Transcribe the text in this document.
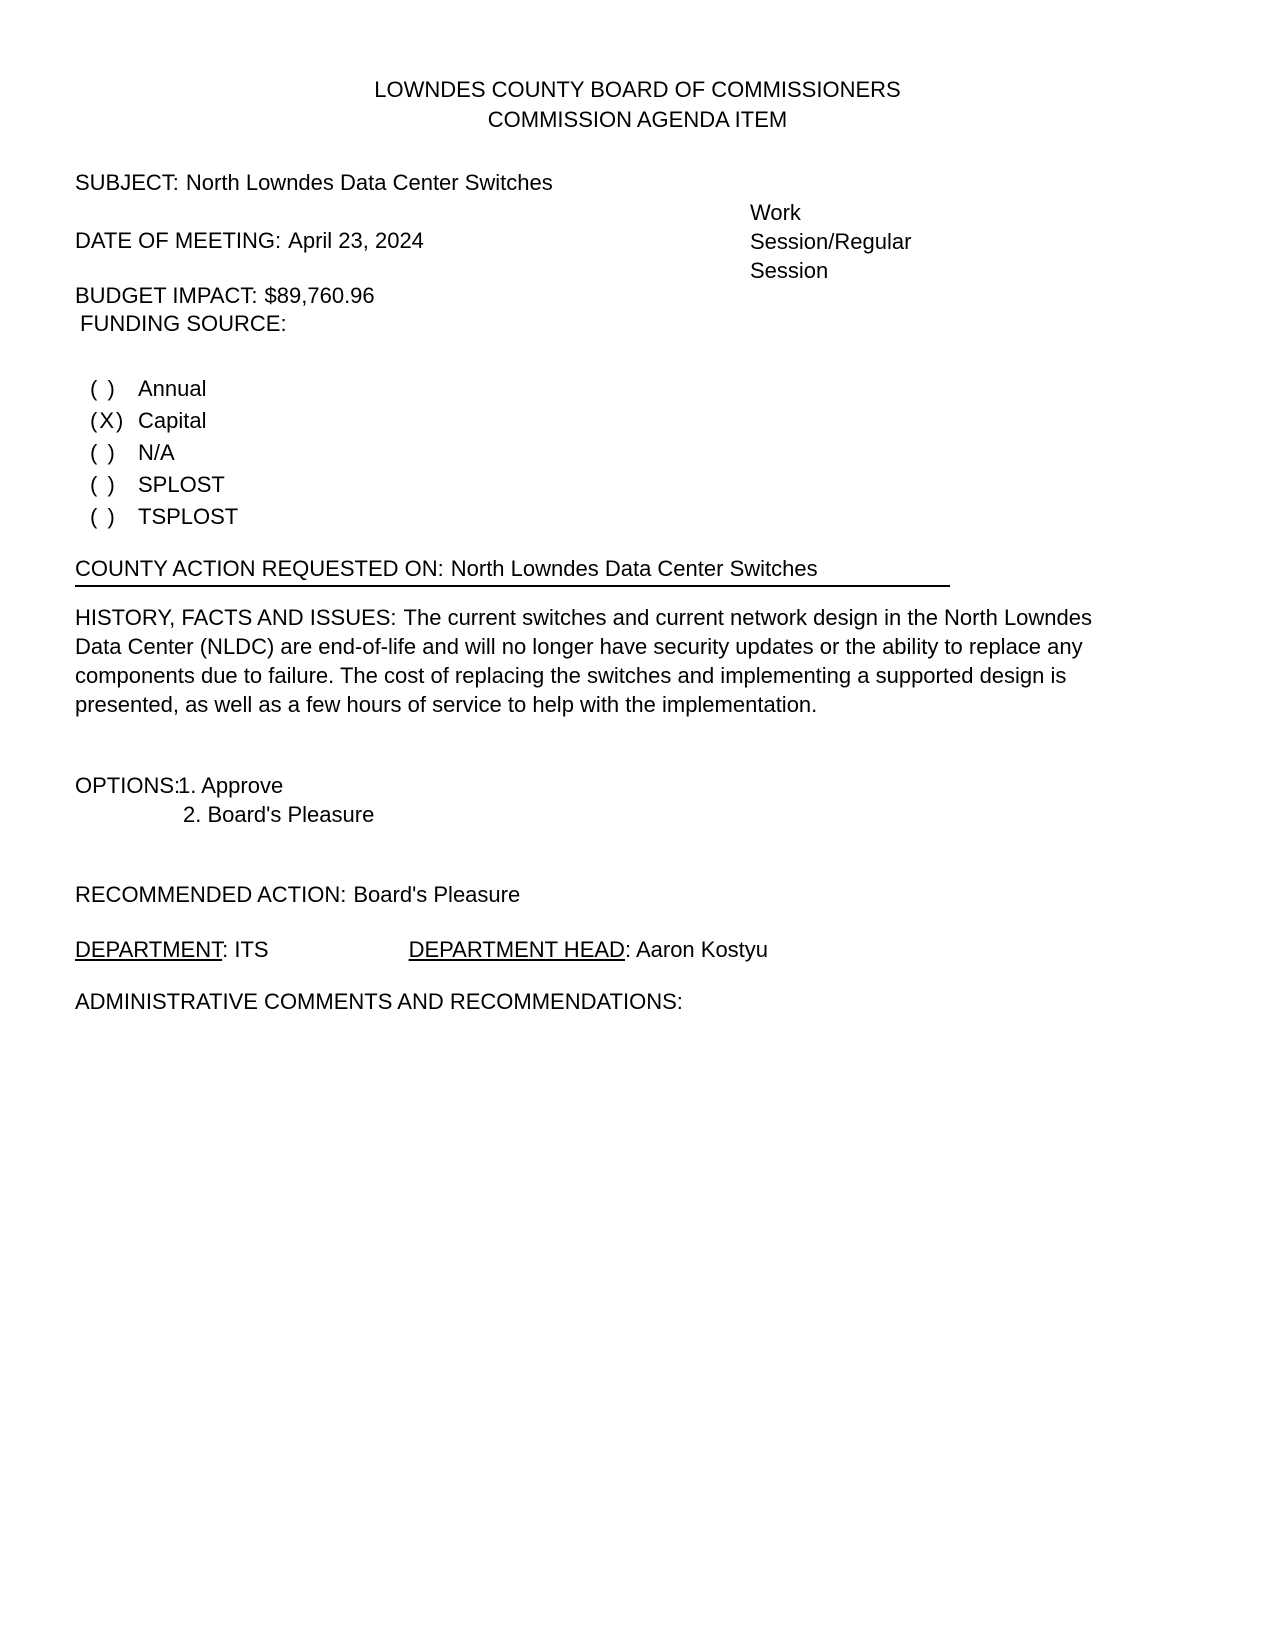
LOWNDES COUNTY BOARD OF COMMISSIONERS
COMMISSION AGENDA ITEM
SUBJECT: North Lowndes Data Center Switches
Work Session/Regular Session
DATE OF MEETING: April 23, 2024
BUDGET IMPACT: $89,760.96
FUNDING SOURCE:
( ) Annual
(X) Capital
( ) N/A
( ) SPLOST
( ) TSPLOST
COUNTY ACTION REQUESTED ON: North Lowndes Data Center Switches
HISTORY, FACTS AND ISSUES: The current switches and current network design in the North Lowndes Data Center (NLDC) are end-of-life and will no longer have security updates or the ability to replace any components due to failure. The cost of replacing the switches and implementing a supported design is presented, as well as a few hours of service to help with the implementation.
OPTIONS:
1. Approve
2. Board's Pleasure
RECOMMENDED ACTION: Board's Pleasure
DEPARTMENT: ITS	DEPARTMENT HEAD: Aaron Kostyu
ADMINISTRATIVE COMMENTS AND RECOMMENDATIONS:
